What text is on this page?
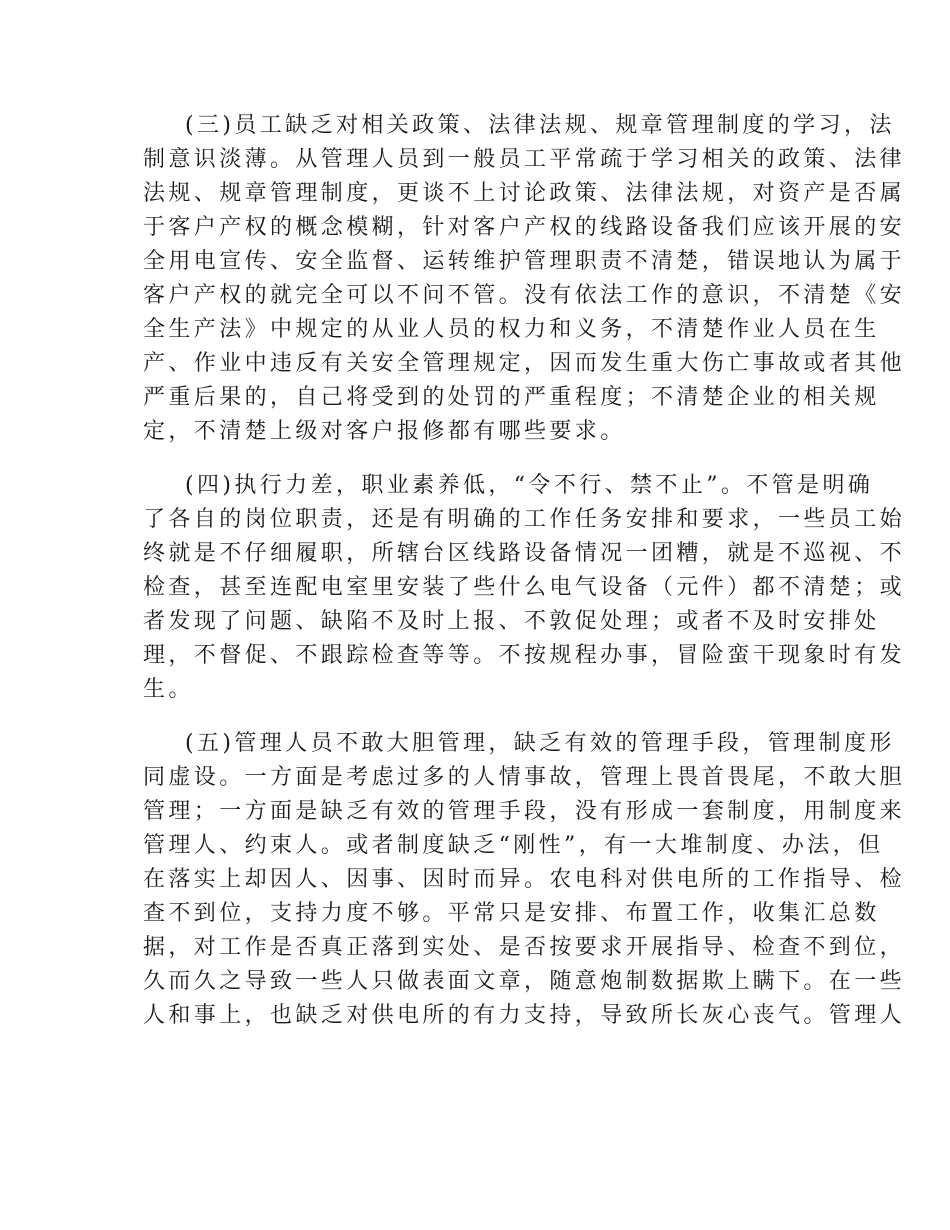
(三)员工缺乏对相关政策、法律法规、规章管理制度的学习，法
制意识淡薄。从管理人员到一般员工平常疏于学习相关的政策、法律
法规、规章管理制度，更谈不上讨论政策、法律法规，对资产是否属
于客户产权的概念模糊，针对客户产权的线路设备我们应该开展的安
全用电宣传、安全监督、运转维护管理职责不清楚，错误地认为属于
客户产权的就完全可以不问不管。没有依法工作的意识，不清楚《安
全生产法》中规定的从业人员的权力和义务，不清楚作业人员在生
产、作业中违反有关安全管理规定，因而发生重大伤亡事故或者其他
严重后果的，自己将受到的处罚的严重程度；不清楚企业的相关规
定，不清楚上级对客户报修都有哪些要求。
(四)执行力差，职业素养低，“令不行、禁不止”。不管是明确
了各自的岗位职责，还是有明确的工作任务安排和要求，一些员工始
终就是不仔细履职，所辖台区线路设备情况一团糟，就是不巡视、不
检查，甚至连配电室里安装了些什么电气设备（元件）都不清楚；或
者发现了问题、缺陷不及时上报、不敦促处理；或者不及时安排处
理，不督促、不跟踪检查等等。不按规程办事，冒险蛮干现象时有发
生。
(五)管理人员不敢大胆管理，缺乏有效的管理手段，管理制度形
同虚设。一方面是考虑过多的人情事故，管理上畏首畏尾，不敢大胆
管理；一方面是缺乏有效的管理手段，没有形成一套制度，用制度来
管理人、约束人。或者制度缺乏“刚性”，有一大堆制度、办法，但
在落实上却因人、因事、因时而异。农电科对供电所的工作指导、检
查不到位，支持力度不够。平常只是安排、布置工作，收集汇总数
据，对工作是否真正落到实处、是否按要求开展指导、检查不到位，
久而久之导致一些人只做表面文章，随意炮制数据欺上瞒下。在一些
人和事上，也缺乏对供电所的有力支持，导致所长灰心丧气。管理人
